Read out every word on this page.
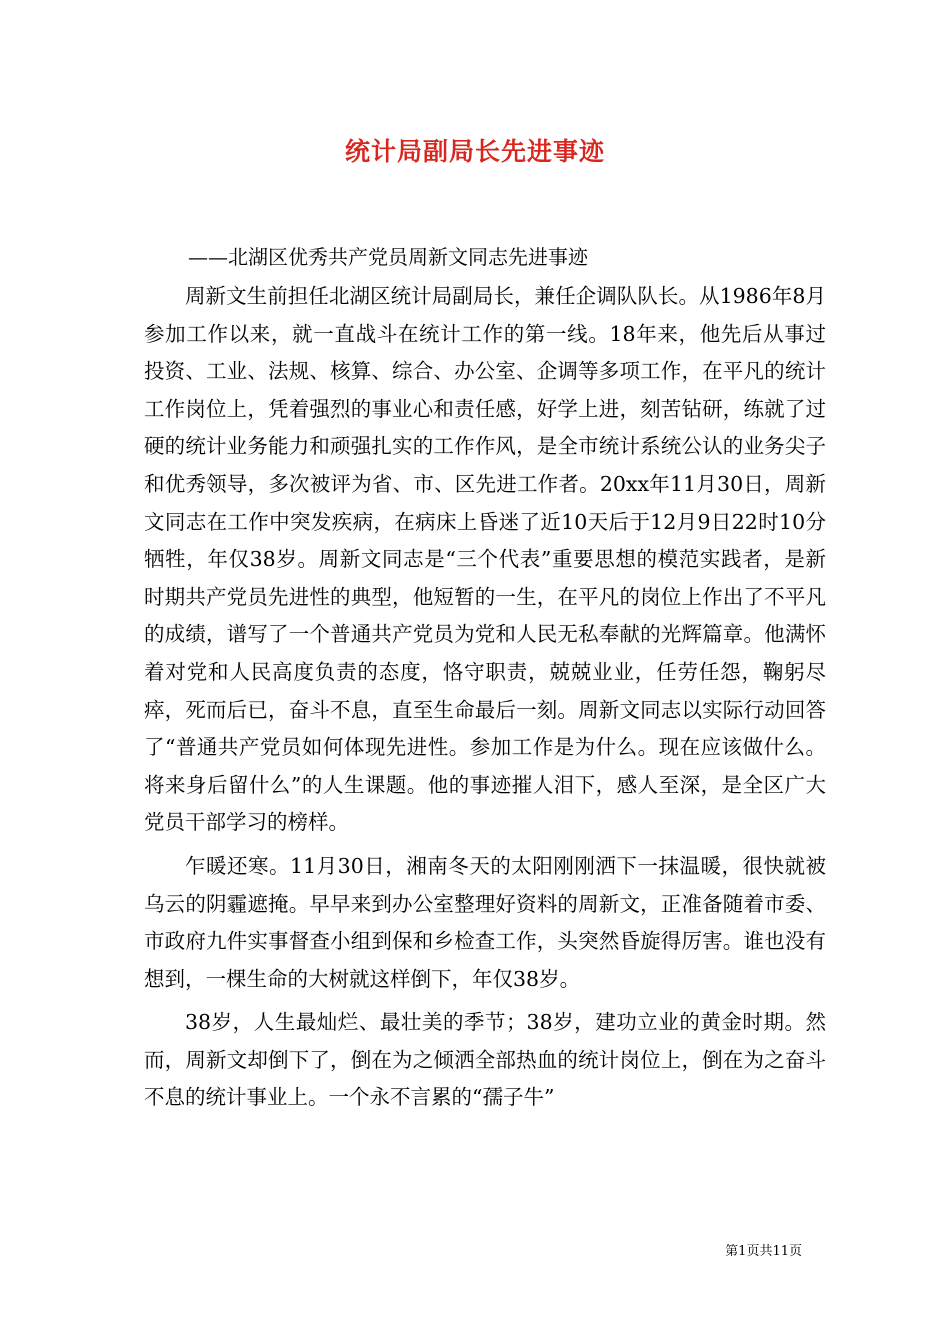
统计局副局长先进事迹
——北湖区优秀共产党员周新文同志先进事迹

周新文生前担任北湖区统计局副局长，兼任企调队队长。从1986年8月参加工作以来，就一直战斗在统计工作的第一线。18年来，他先后从事过投资、工业、法规、核算、综合、办公室、企调等多项工作，在平凡的统计工作岗位上，凭着强烈的事业心和责任感，好学上进，刻苦钻研，练就了过硬的统计业务能力和顽强扎实的工作作风，是全市统计系统公认的业务尖子和优秀领导，多次被评为省、市、区先进工作者。20xx年11月30日，周新文同志在工作中突发疾病，在病床上昏迷了近10天后于12月9日22时10分牺牲，年仅38岁。周新文同志是“三个代表”重要思想的模范实践者，是新时期共产党员先进性的典型，他短暂的一生，在平凡的岗位上作出了不平凡的成绩，谱写了一个普通共产党员为党和人民无私奉献的光辉篇章。他满怀着对党和人民高度负责的态度，恪守职责，兢兢业业，任劳任怨，鞠躬尽瘁，死而后已，奋斗不息，直至生命最后一刻。周新文同志以实际行动回答了“普通共产党员如何体现先进性。参加工作是为什么。现在应该做什么。将来身后留什么”的人生课题。他的事迹摧人泪下，感人至深，是全区广大党员干部学习的榜样。

乍暖还寒。11月30日，湘南冬天的太阳刚刚洒下一抹温暖，很快就被乌云的阴霾遮掩。早早来到办公室整理好资料的周新文，正准备随着市委、市政府九件实事督查小组到保和乡检查工作，头突然昏旋得厉害。谁也没有想到，一棵生命的大树就这样倒下，年仅38岁。

38岁，人生最灿烂、最壮美的季节；38岁，建功立业的黄金时期。然而，周新文却倒下了，倒在为之倾洒全部热血的统计岗位上，倒在为之奋斗不息的统计事业上。一个永不言累的“孺子牛”

第1页共11页
